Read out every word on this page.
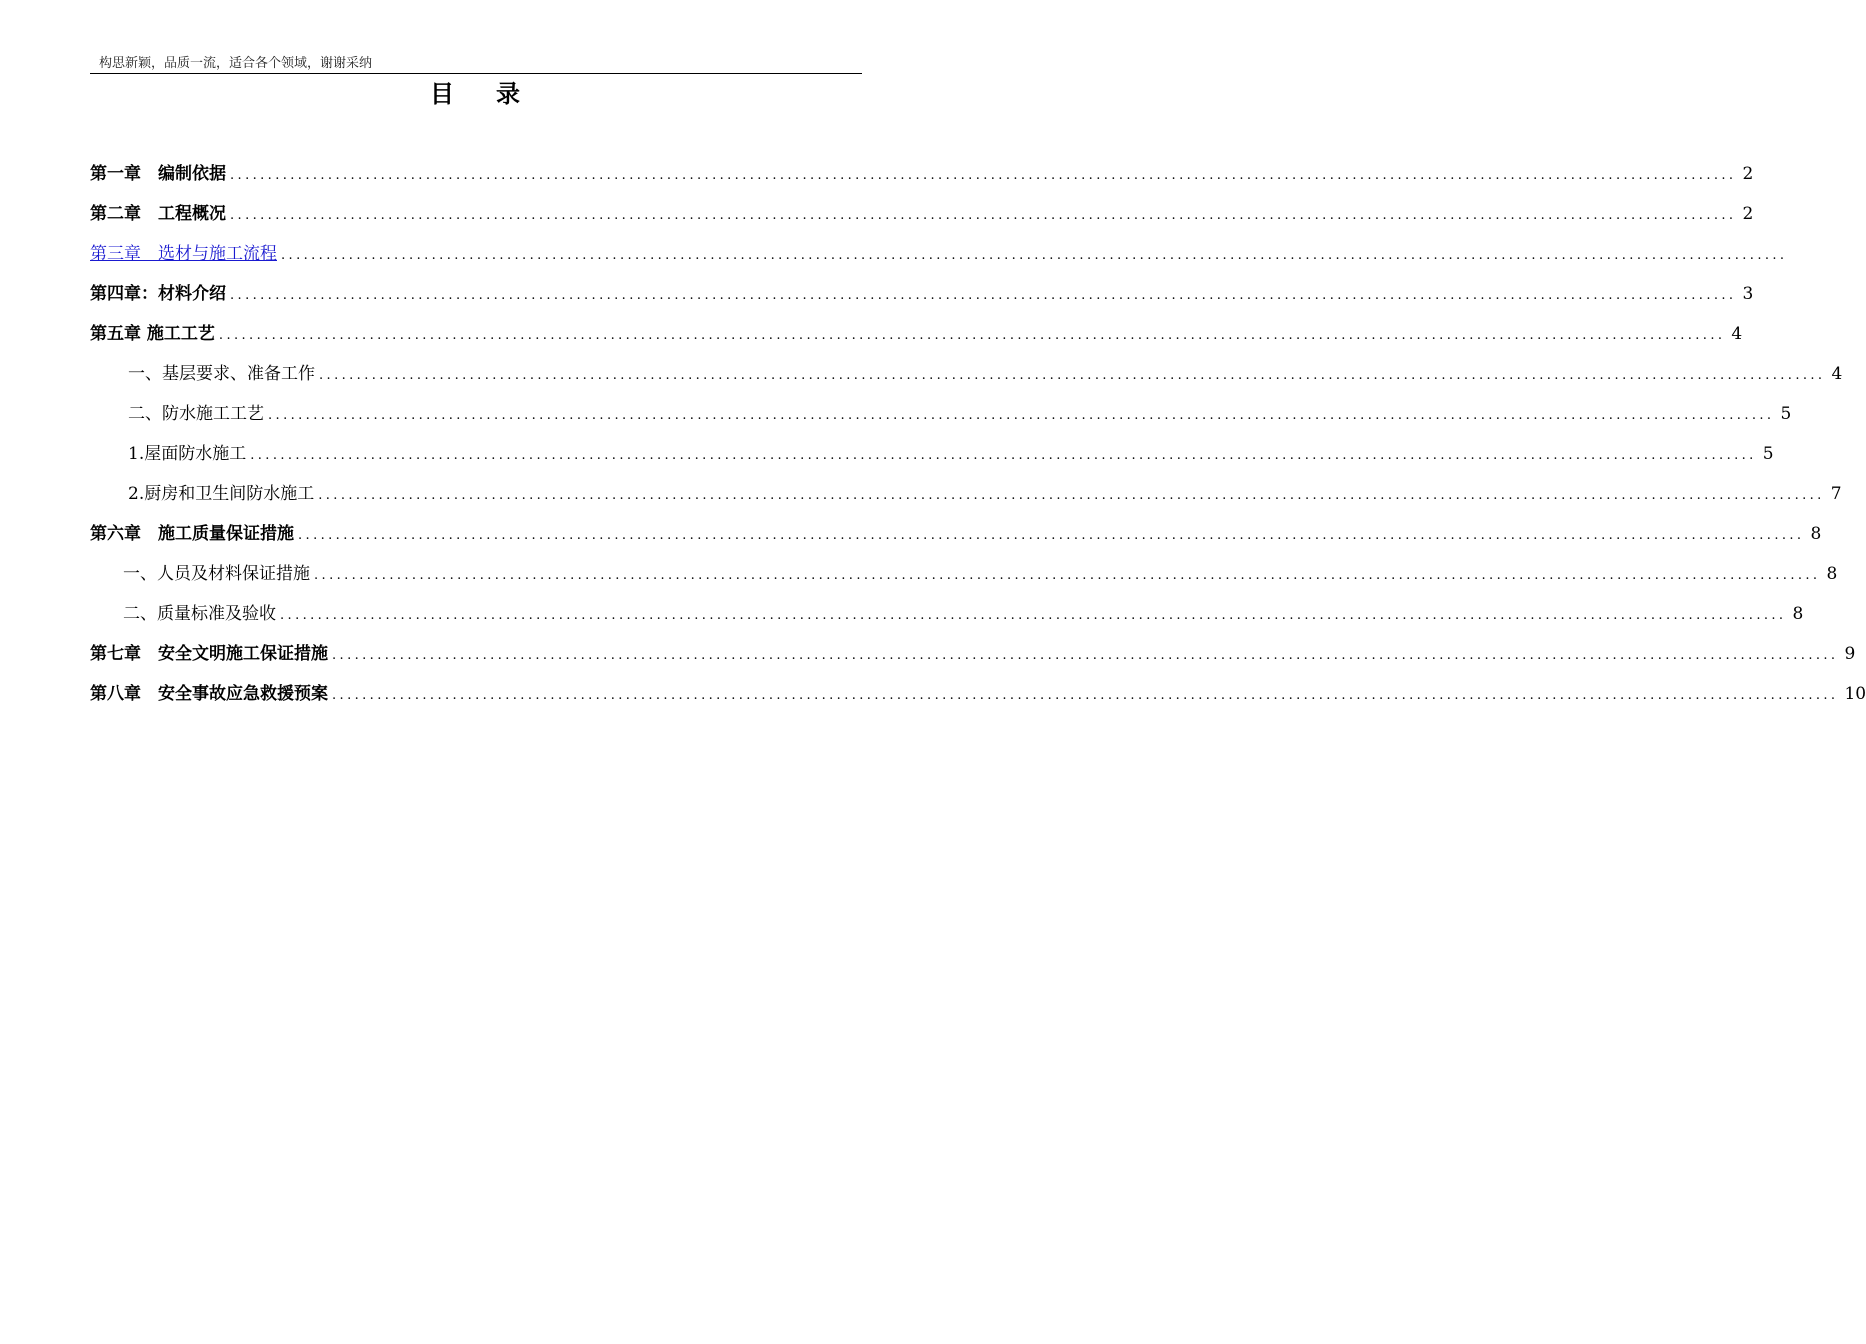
构思新颖，品质一流，适合各个领域，谢谢采纳
目录
第一章　编制依据 ........................................................................................................................................................................................................ 2
第二章　工程概况 ........................................................................................................................................................................................................ 2
第三章　选材与施工流程 ........................................................................................................................................................................................................
第四章：材料介绍 ........................................................................................................................................................................................................ 3
第五章 施工工艺 ........................................................................................................................................................................................................ 4
一、基层要求、准备工作 ........................................................................................................................................................................................................ 4
二、防水施工工艺 ........................................................................................................................................................................................................ 5
1.屋面防水施工 ........................................................................................................................................................................................................ 5
2.厨房和卫生间防水施工 ........................................................................................................................................................................................................ 7
第六章　施工质量保证措施 ........................................................................................................................................................................................................ 8
一、人员及材料保证措施 ........................................................................................................................................................................................................ 8
二、质量标准及验收 ........................................................................................................................................................................................................ 8
第七章　安全文明施工保证措施 ........................................................................................................................................................................................................ 9
第八章　安全事故应急救援预案 ........................................................................................................................................................................................................ 10
